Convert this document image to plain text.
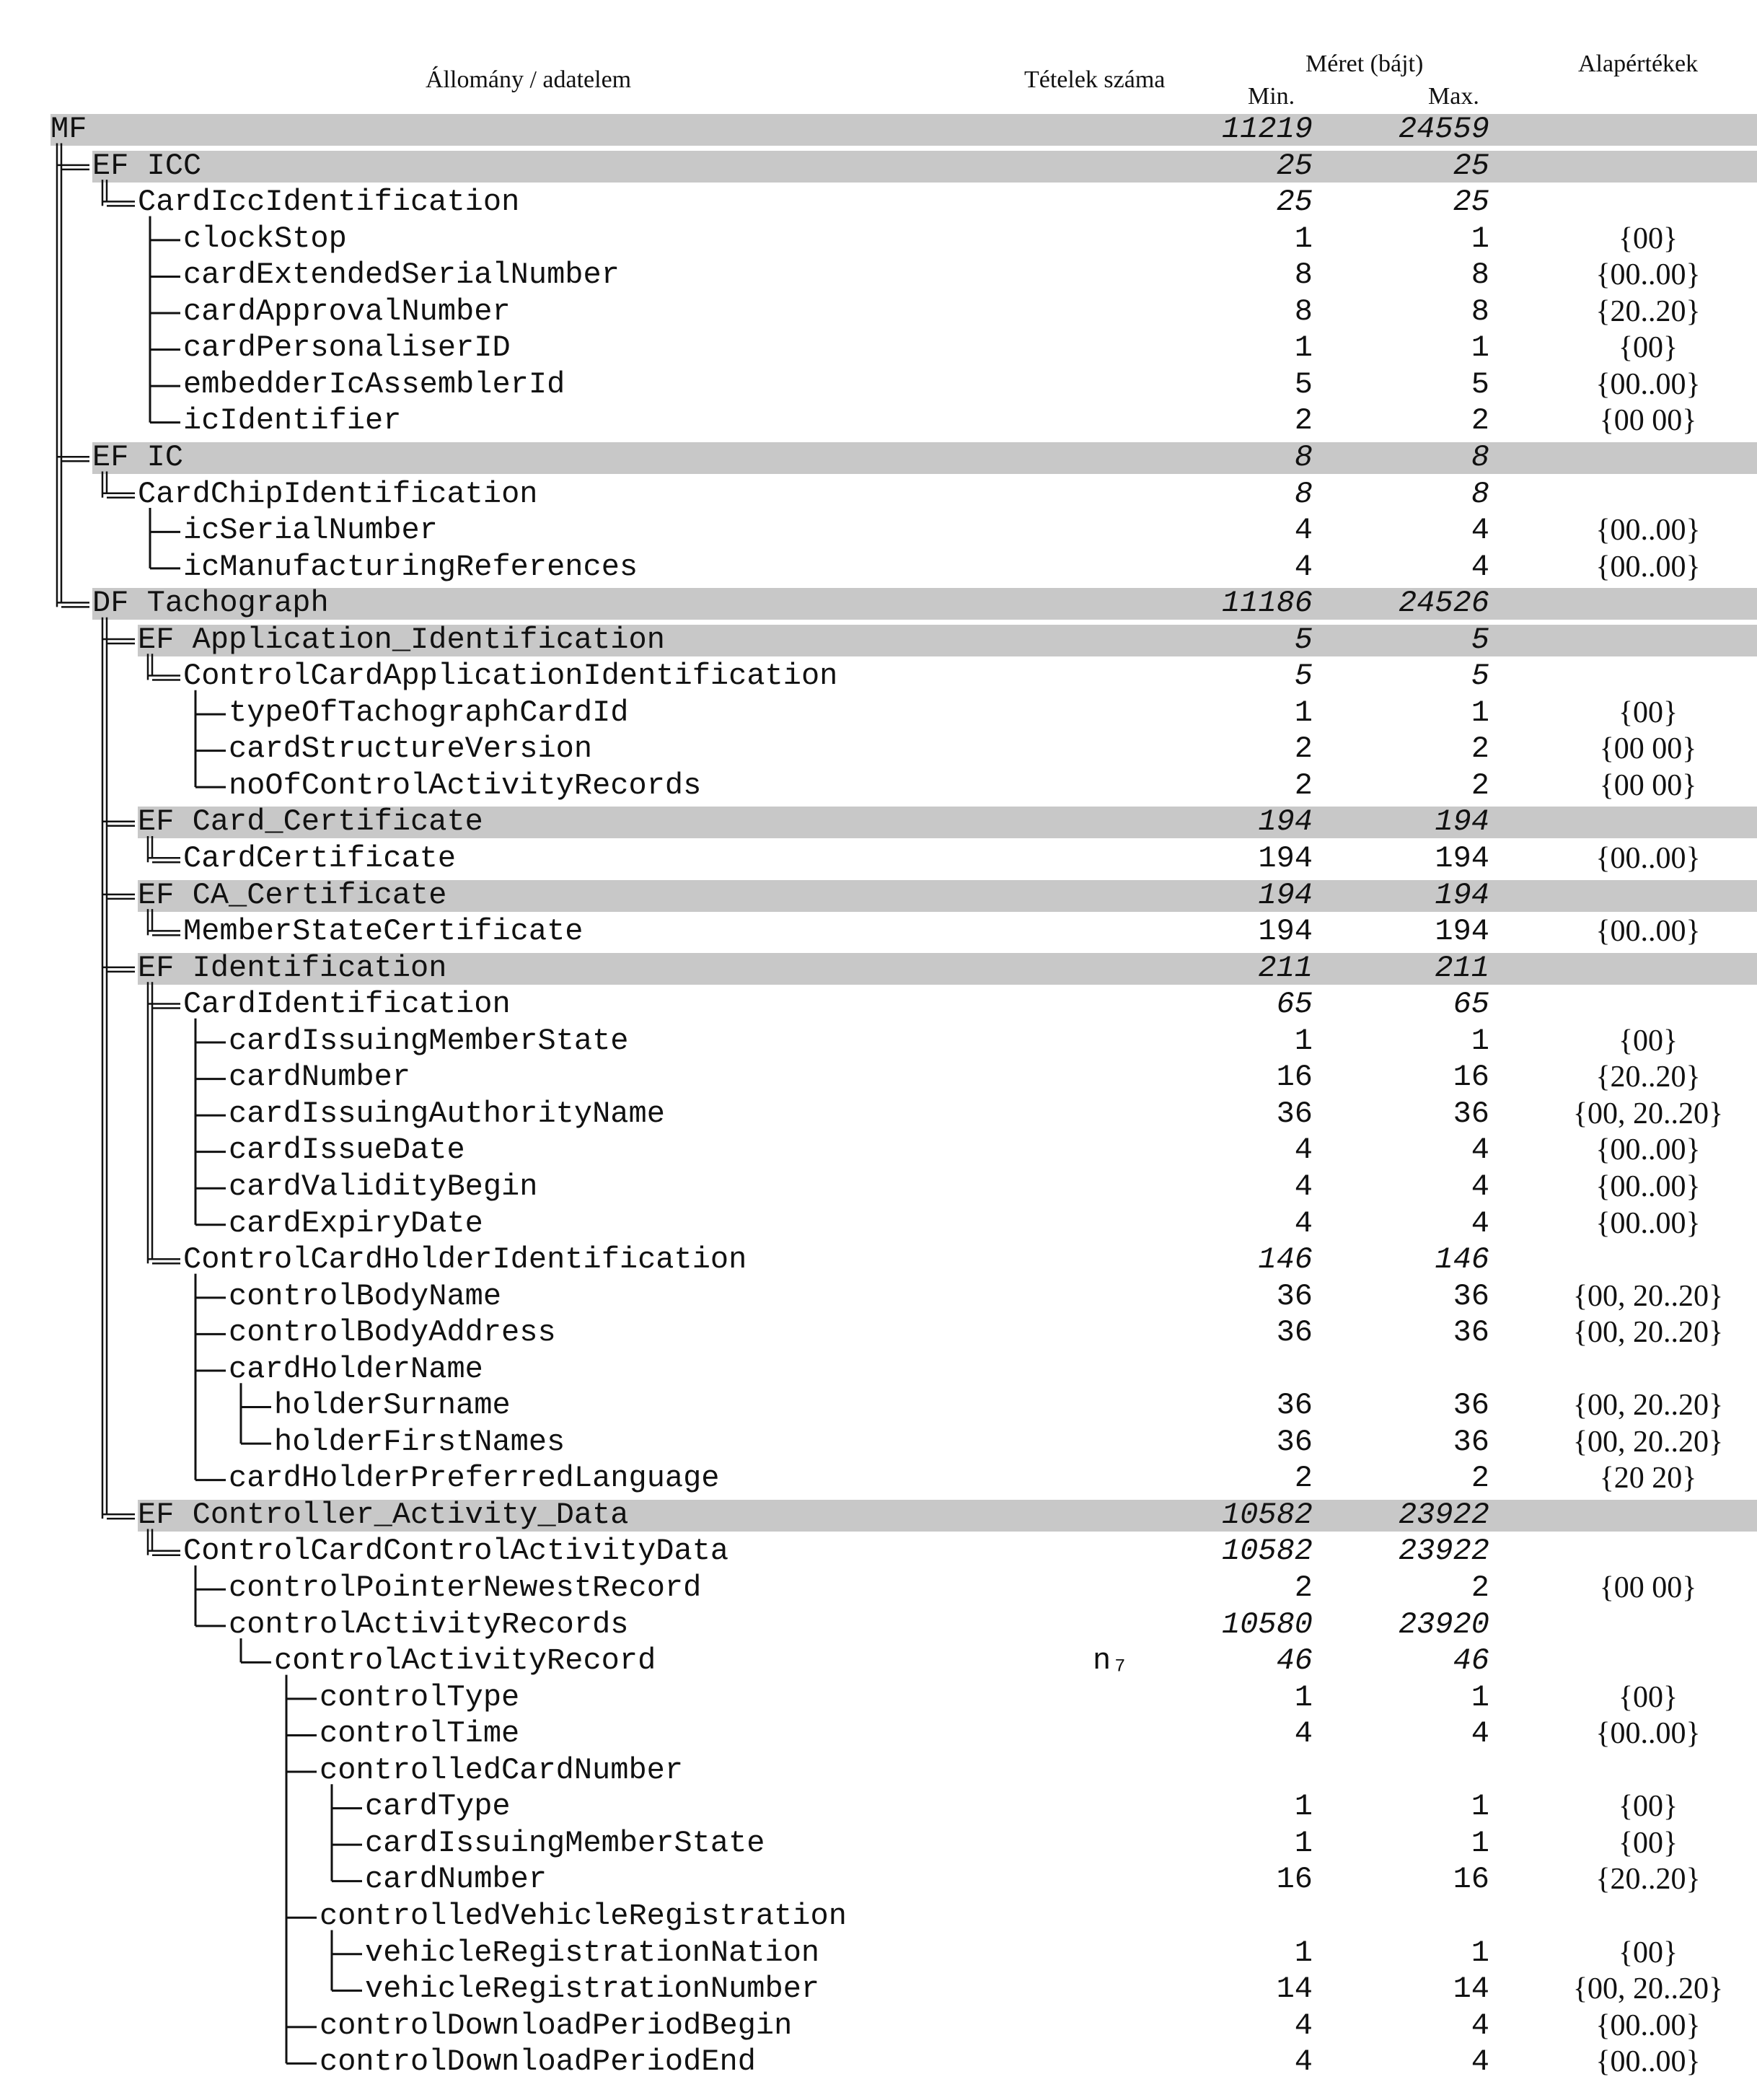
Állomány / adatelem	Tételek száma
Méret (bájt)
Min.	Max.
Alapértékek
MF	11219	24559
EF ICC	25	25
CardIccIdentification	25	25
clockStop	1	1	{00}
cardExtendedSerialNumber	8	8	{00..00}
cardApprovalNumber	8	8	{20..20}
cardPersonaliserID	1	1	{00}
embedderIcAssemblerId	5	5	{00..00}
icIdentifier	2	2	{00 00}
EF IC	8	8
CardChipIdentification	8	8
icSerialNumber	4	4	{00..00}
icManufacturingReferences	4	4	{00..00}
DF Tachograph	11186	24526
EF Application_Identification	5	5
ControlCardApplicationIdentification	5	5
typeOfTachographCardId	1	1	{00}
cardStructureVersion	2	2	{00 00}
noOfControlActivityRecords	2	2	{00 00}
EF Card_Certificate	194	194
CardCertificate	194	194	{00..00}
EF CA_Certificate	194	194
MemberStateCertificate	194	194	{00..00}
EF Identification	211	211
CardIdentification	65	65
cardIssuingMemberState	1	1	{00}
cardNumber	16	16	{20..20}
cardIssuingAuthorityName	36	36	{00, 20..20}
cardIssueDate	4	4	{00..00}
cardValidityBegin	4	4	{00..00}
cardExpiryDate	4	4	{00..00}
ControlCardHolderIdentification	146	146
controlBodyName	36	36	{00, 20..20}
controlBodyAddress	36	36	{00, 20..20}
cardHolderName
holderSurname	36	36	{00, 20..20}
holderFirstNames	36	36	{00, 20..20}
cardHolderPreferredLanguage	2	2	{20 20}
EF Controller_Activity_Data	10582	23922
ControlCardControlActivityData	10582	23922
controlPointerNewestRecord	2	2	{00 00}
controlActivityRecords	10580	23920
controlActivityRecord	n₇	46	46
controlType	1	1	{00}
controlTime	4	4	{00..00}
controlledCardNumber
cardType	1	1	{00}
cardIssuingMemberState	1	1	{00}
cardNumber	16	16	{20..20}
controlledVehicleRegistration
vehicleRegistrationNation	1	1	{00}
vehicleRegistrationNumber	14	14	{00, 20..20}
controlDownloadPeriodBegin	4	4	{00..00}
controlDownloadPeriodEnd	4	4	{00..00}
